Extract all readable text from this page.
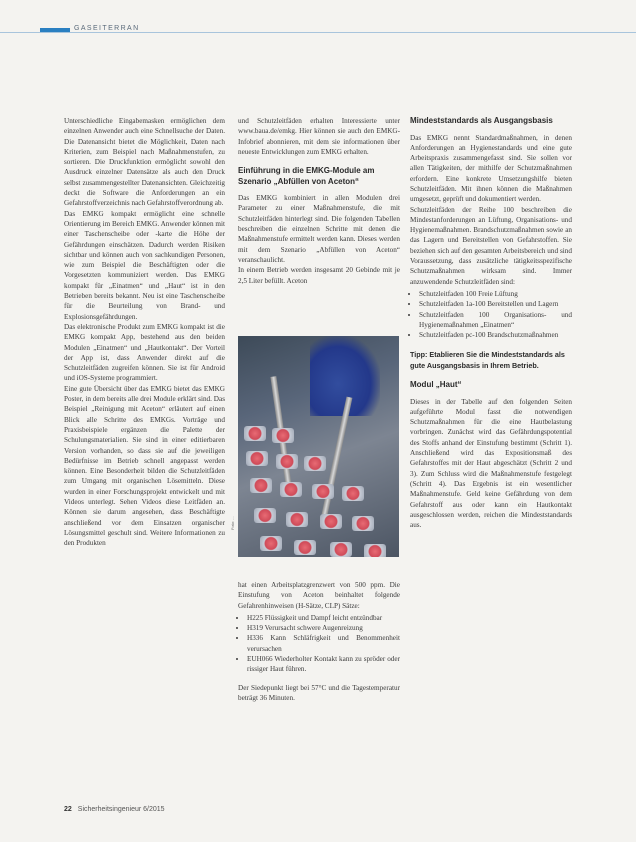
GASEITERRAN

Unterschiedliche Eingabemasken ermöglichen dem einzelnen Anwender auch eine Schnellsuche der Daten. Die Datenansicht bietet die Möglichkeit, Daten nach Kriterien, zum Beispiel nach Maßnahmenstufen, zu sortieren. Die Druckfunktion ermöglicht sowohl den Ausdruck einzelner Datensätze als auch den Druck selbst zusammengestellter Datenansichten. Gleichzeitig deckt die Software die Anforderungen an ein Gefahrstoffverzeichnis nach Gefahrstoffverordnung ab.

Das EMKG kompakt ermöglicht eine schnelle Orientierung im Bereich EMKG. Anwender können mit einer Taschenscheibe oder -karte die Höhe der Gefährdungen einschätzen. Dadurch werden Risiken sichtbar und können auch von sachkundigen Personen, wie zum Beispiel die Beschäftigten oder die Vorgesetzten kommuniziert werden. Das EMKG kompakt für „Einatmen“ und „Haut“ ist in den Betrieben bereits bekannt. Neu ist eine Taschenscheibe für die Beurteilung von Brand- und Explosionsgefährdungen.

Das elektronische Produkt zum EMKG kompakt ist die EMKG kompakt App, bestehend aus den beiden Modulen „Einatmen“ und „Hautkontakt“. Der Vorteil der App ist, dass Anwender direkt auf die Schutzleitfäden zugreifen können. Sie ist für Android und iOS-Systeme programmiert.

Eine gute Übersicht über das EMKG bietet das EMKG Poster, in dem bereits alle drei Module erklärt sind. Das Beispiel „Reinigung mit Aceton“ erläutert auf einen Blick alle Schritte des EMKGs. Vorträge und Praxisbeispiele ergänzen die Palette der Schulungsmaterialien. Sie sind in einer editierbaren Version vorhanden, so dass sie auf die jeweiligen Bedürfnisse im Betrieb schnell angepasst werden können. Eine Besonderheit bilden die Schutzleitfäden zum Umgang mit organischen Lösemitteln. Diese wurden in einer Forschungsprojekt entwickelt und mit Videos unterlegt. Sehen Videos diese Leitfäden an. Können sie darum angesehen, dass Beschäftigte anschließend vor dem Einsatzen organischer Lösungsmittel geschult sind. Weitere Informationen zu den Produkten

und Schutzleitfäden erhalten Interessierte unter www.baua.de/emkg. Hier können sie auch den EMKG-Infobrief abonnieren, mit dem sie informationen über neueste Entwicklungen zum EMKG erhalten.

Einführung in die EMKG-Module am Szenario „Abfüllen von Aceton“

Das EMKG kombiniert in allen Modulen drei Parameter zu einer Maßnahmenstufe, die mit Schutzleitfäden hinterlegt sind. Die folgenden Tabellen beschreiben die einzelnen Schritte mit denen die Maßnahmenstufe ermittelt werden kann. Dieses werden mit dem Szenario „Abfüllen von Aceton“ veranschaulicht.

In einem Betrieb werden insgesamt 20 Gebinde mit je 2,5 Liter befüllt. Aceton

Foto: ...

hat einen Arbeitsplatzgrenzwert von 500 ppm. Die Einstufung von Aceton beinhaltet folgende Gefahrenhinweisen (H-Sätze, CLP) Sätze:

• H225 Flüssigkeit und Dampf leicht entzündbar
• H319 Verursacht schwere Augenreizung
• H336 Kann Schläfrigkeit und Benommenheit verursachen
• EUH066 Wiederholter Kontakt kann zu spröder oder rissiger Haut führen.

Der Siedepunkt liegt bei 57°C und die Tagestemperatur beträgt 36 Minuten.

Mindeststandards als Ausgangsbasis

Das EMKG nennt Standardmaßnahmen, in denen Anforderungen an Hygienestandards und eine gute Arbeitspraxis zusammengefasst sind. Sie sollen vor allen Tätigkeiten, der mithilfe der Schutzmaßnahmen erfordern. Eine konkrete Umsetzungshilfe bieten Schutzleitfäden. Mit ihnen können die Maßnahmen umgesetzt, geprüft und dokumentiert werden.

Schutzleitfäden der Reihe 100 beschreiben die Mindestanforderungen an Lüftung, Organisations- und Hygienemaßnahmen. Brandschutzmaßnahmen sowie an das Lagern und Bereitstellen von Gefahrstoffen. Sie beziehen sich auf den gesamten Arbeitsbereich und sind Voraussetzung, dass zusätzliche tätigkeitsspezifische Schutzmaßnahmen wirksam sind. Immer anzuwendende Schutzleitfäden sind:

• Schutzleitfaden 100 Freie Lüftung
• Schutzleitfaden 1a-100 Bereitstellen und Lagern
• Schutzleitfaden 100 Organisations- und Hygienemaßnahmen „Einatmen“
• Schutzleitfaden pc-100 Brandschutzmaßnahmen
Tipp: Etablieren Sie die Mindeststandards als gute Ausgangsbasis in Ihrem Betrieb.
Modul „Haut“

Dieses in der Tabelle auf den folgenden Seiten aufgeführte Modul fasst die notwendigen Schutzmaßnahmen für die eine Hautbelastung vorbringen. Zunächst wird das Gefährdungspotential des Stoffs anhand der Einstufung bestimmt (Schritt 1). Anschließend wird das Expositionsmaß des Gefahrstoffes mit der Haut abgeschätzt (Schritt 2 und 3). Zum Schluss wird die Maßnahmenstufe festgelegt (Schritt 4). Das Ergebnis ist ein wesentlicher Maßnahmenstufe. Geld keine Gefährdung von dem Gefahrstoff aus oder kann ein Hautkontakt ausgeschlossen werden, reichen die Mindeststandards aus.

22 Sicherheitsingenieur 6/2015
